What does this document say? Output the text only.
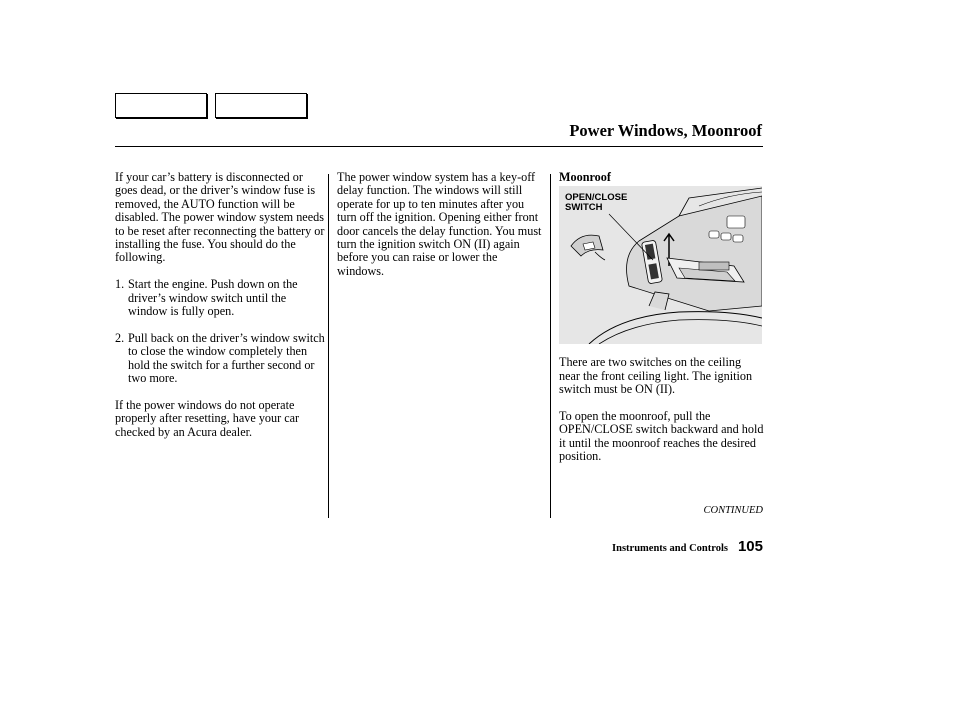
Power Windows, Moonroof

If your car’s battery is disconnected or goes dead, or the driver’s window fuse is removed, the AUTO function will be disabled. The power window system needs to be reset after reconnecting the battery or installing the fuse. You should do the following.

1. Start the engine. Push down on the driver’s window switch until the window is fully open.
2. Pull back on the driver’s window switch to close the window completely then hold the switch for a further second or two more.

If the power windows do not operate properly after resetting, have your car checked by an Acura dealer.

The power window system has a key-off delay function. The windows will still operate for up to ten minutes after you turn off the ignition. Opening either front door cancels the delay function. You must turn the ignition switch ON (II) again before you can raise or lower the windows.

Moonroof
OPEN/CLOSE
SWITCH

There are two switches on the ceiling near the front ceiling light. The ignition switch must be ON (II).

To open the moonroof, pull the OPEN/CLOSE switch backward and hold it until the moonroof reaches the desired position.

CONTINUED
Instruments and Controls 105
